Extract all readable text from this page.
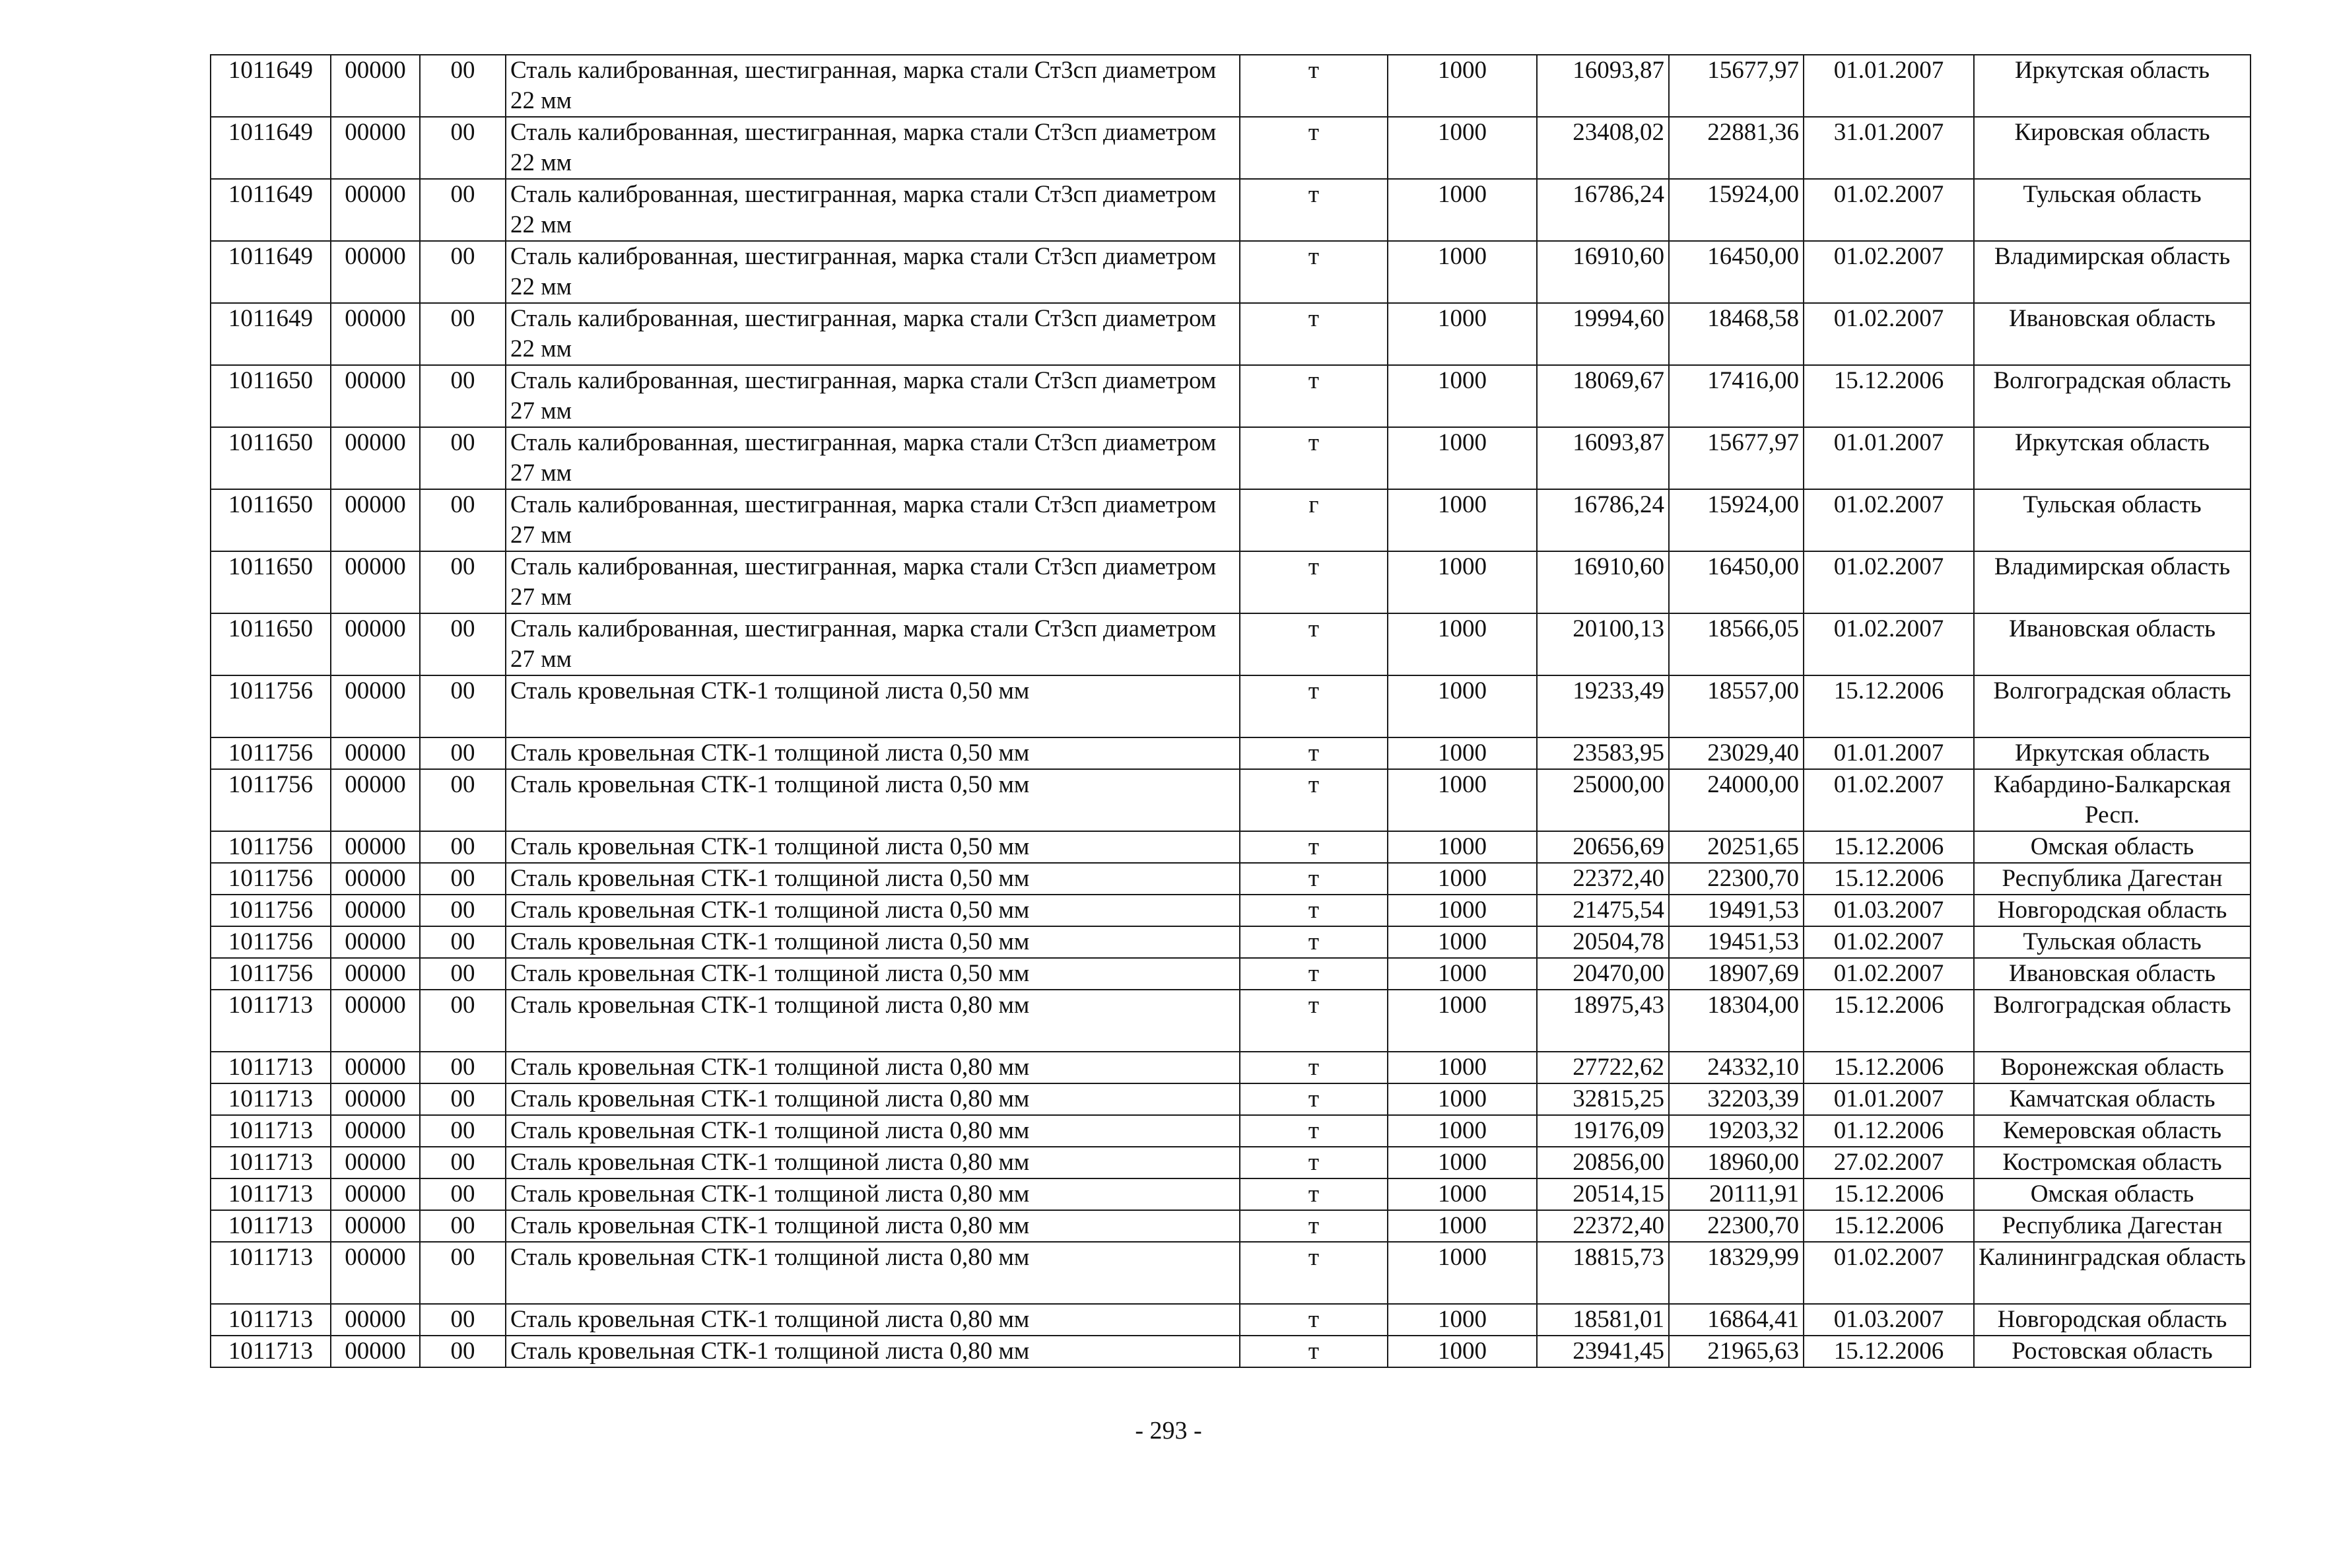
1011649	00000	00	Сталь калиброванная, шестигранная, марка стали Ст3сп диаметром 22 мм	т	1000	16093,87	15677,97	01.01.2007	Иркутская область
1011649	00000	00	Сталь калиброванная, шестигранная, марка стали Ст3сп диаметром 22 мм	т	1000	23408,02	22881,36	31.01.2007	Кировская область
1011649	00000	00	Сталь калиброванная, шестигранная, марка стали Ст3сп диаметром 22 мм	т	1000	16786,24	15924,00	01.02.2007	Тульская область
1011649	00000	00	Сталь калиброванная, шестигранная, марка стали Ст3сп диаметром 22 мм	т	1000	16910,60	16450,00	01.02.2007	Владимирская область
1011649	00000	00	Сталь калиброванная, шестигранная, марка стали Ст3сп диаметром 22 мм	т	1000	19994,60	18468,58	01.02.2007	Ивановская область
1011650	00000	00	Сталь калиброванная, шестигранная, марка стали Ст3сп диаметром 27 мм	т	1000	18069,67	17416,00	15.12.2006	Волгоградская область
1011650	00000	00	Сталь калиброванная, шестигранная, марка стали Ст3сп диаметром 27 мм	т	1000	16093,87	15677,97	01.01.2007	Иркутская область
1011650	00000	00	Сталь калиброванная, шестигранная, марка стали Ст3сп диаметром 27 мм	г	1000	16786,24	15924,00	01.02.2007	Тульская область
1011650	00000	00	Сталь калиброванная, шестигранная, марка стали Ст3сп диаметром 27 мм	т	1000	16910,60	16450,00	01.02.2007	Владимирская область
1011650	00000	00	Сталь калиброванная, шестигранная, марка стали Ст3сп диаметром 27 мм	т	1000	20100,13	18566,05	01.02.2007	Ивановская область
1011756	00000	00	Сталь кровельная СТК-1 толщиной листа 0,50 мм	т	1000	19233,49	18557,00	15.12.2006	Волгоградская область
1011756	00000	00	Сталь кровельная СТК-1 толщиной листа 0,50 мм	т	1000	23583,95	23029,40	01.01.2007	Иркутская область
1011756	00000	00	Сталь кровельная СТК-1 толщиной листа 0,50 мм	т	1000	25000,00	24000,00	01.02.2007	Кабардино-Балкарская Респ.
1011756	00000	00	Сталь кровельная СТК-1 толщиной листа 0,50 мм	т	1000	20656,69	20251,65	15.12.2006	Омская область
1011756	00000	00	Сталь кровельная СТК-1 толщиной листа 0,50 мм	т	1000	22372,40	22300,70	15.12.2006	Республика Дагестан
1011756	00000	00	Сталь кровельная СТК-1 толщиной листа 0,50 мм	т	1000	21475,54	19491,53	01.03.2007	Новгородская область
1011756	00000	00	Сталь кровельная СТК-1 толщиной листа 0,50 мм	т	1000	20504,78	19451,53	01.02.2007	Тульская область
1011756	00000	00	Сталь кровельная СТК-1 толщиной листа 0,50 мм	т	1000	20470,00	18907,69	01.02.2007	Ивановская область
1011713	00000	00	Сталь кровельная СТК-1 толщиной листа 0,80 мм	т	1000	18975,43	18304,00	15.12.2006	Волгоградская область
1011713	00000	00	Сталь кровельная СТК-1 толщиной листа 0,80 мм	т	1000	27722,62	24332,10	15.12.2006	Воронежская область
1011713	00000	00	Сталь кровельная СТК-1 толщиной листа 0,80 мм	т	1000	32815,25	32203,39	01.01.2007	Камчатская область
1011713	00000	00	Сталь кровельная СТК-1 толщиной листа 0,80 мм	т	1000	19176,09	19203,32	01.12.2006	Кемеровская область
1011713	00000	00	Сталь кровельная СТК-1 толщиной листа 0,80 мм	т	1000	20856,00	18960,00	27.02.2007	Костромская область
1011713	00000	00	Сталь кровельная СТК-1 толщиной листа 0,80 мм	т	1000	20514,15	20111,91	15.12.2006	Омская область
1011713	00000	00	Сталь кровельная СТК-1 толщиной листа 0,80 мм	т	1000	22372,40	22300,70	15.12.2006	Республика Дагестан
1011713	00000	00	Сталь кровельная СТК-1 толщиной листа 0,80 мм	т	1000	18815,73	18329,99	01.02.2007	Калининградская область
1011713	00000	00	Сталь кровельная СТК-1 толщиной листа 0,80 мм	т	1000	18581,01	16864,41	01.03.2007	Новгородская область
1011713	00000	00	Сталь кровельная СТК-1 толщиной листа 0,80 мм	т	1000	23941,45	21965,63	15.12.2006	Ростовская область
- 293 -
